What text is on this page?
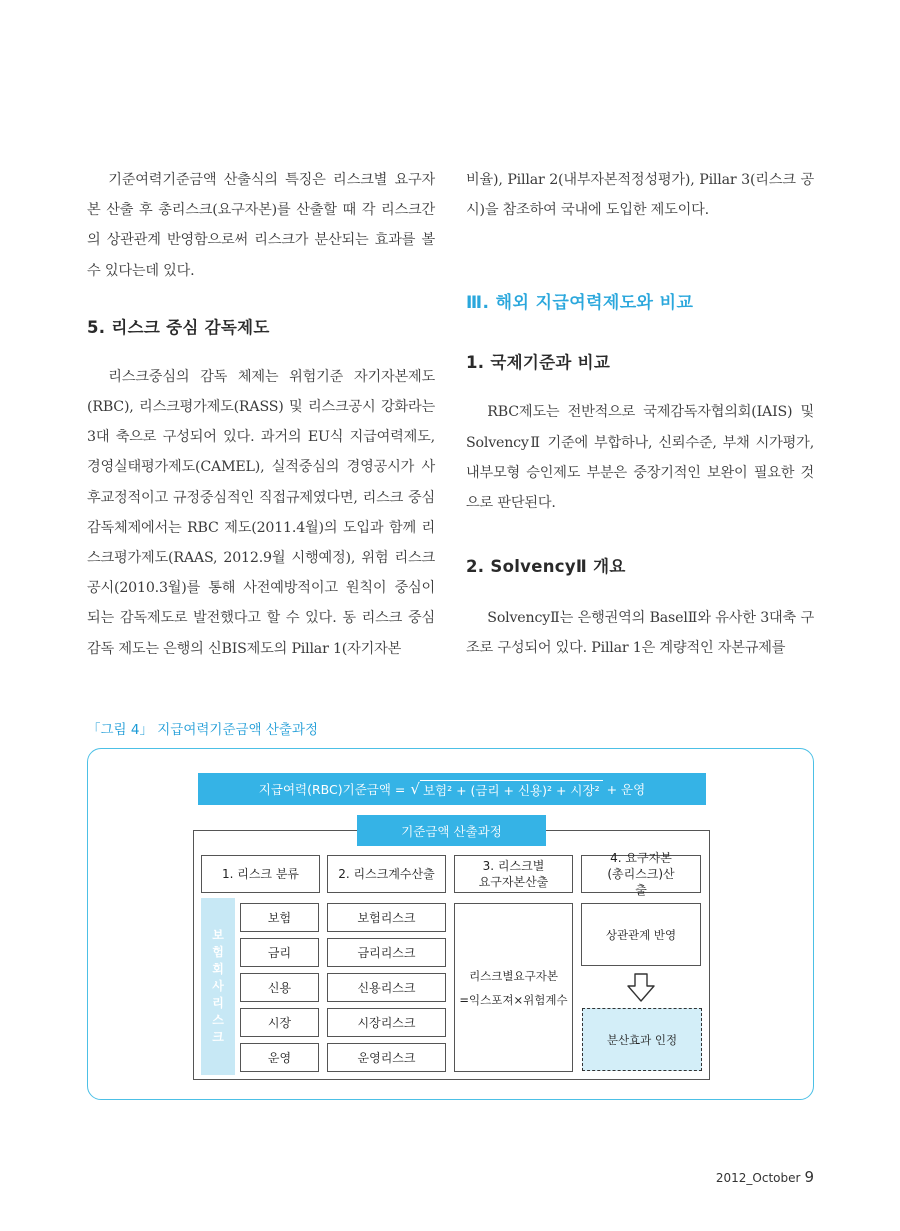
기준여력기준금액 산출식의 특징은 리스크별 요구자본 산출 후 총리스크(요구자본)를 산출할 때 각 리스크간의 상관관계 반영함으로써 리스크가 분산되는 효과를 볼 수 있다는데 있다.

5. 리스크 중심 감독제도

리스크중심의 감독 체제는 위험기준 자기자본제도(RBC), 리스크평가제도(RASS) 및 리스크공시 강화라는 3대 축으로 구성되어 있다. 과거의 EU식 지급여력제도, 경영실태평가제도(CAMEL), 실적중심의 경영공시가 사후교정적이고 규정중심적인 직접규제였다면, 리스크 중심 감독체제에서는 RBC 제도(2011.4월)의 도입과 함께 리스크평가제도(RAAS, 2012.9월 시행예정), 위험 리스크 공시(2010.3월)를 통해 사전예방적이고 원칙이 중심이 되는 감독제도로 발전했다고 할 수 있다. 동 리스크 중심 감독 제도는 은행의 신BIS제도의 Pillar 1(자기자본

비율), Pillar 2(내부자본적정성평가), Pillar 3(리스크 공시)을 참조하여 국내에 도입한 제도이다.

Ⅲ. 해외 지급여력제도와 비교
1. 국제기준과 비교

RBC제도는 전반적으로 국제감독자협의회(IAIS) 및 SolvencyⅡ 기준에 부합하나, 신뢰수준, 부채 시가평가, 내부모형 승인제도 부분은 중장기적인 보완이 필요한 것으로 판단된다.

2. SolvencyⅡ 개요

SolvencyⅡ는 은행권역의 BaselⅡ와 유사한 3대축 구조로 구성되어 있다. Pillar 1은 계량적인 자본규제를

「그림 4」 지급여력기준금액 산출과정
지급여력(RBC)기준금액 = √ 보험² + (금리 + 신용)² + 시장² + 운영
기준금액 산출과정
1. 리스크 분류	2. 리스크계수산출
3. 리스크별 요구자본산출
4. 요구자본 (총리스크)산출
보
험
회
사
리
스
크
보험
금리
신용
시장
운영
보험리스크
금리리스크
신용리스크
시장리스크
운영리스크
리스크별요구자본
=익스포져×위험계수
상관관계 반영
분산효과 인정
2012_October 9
